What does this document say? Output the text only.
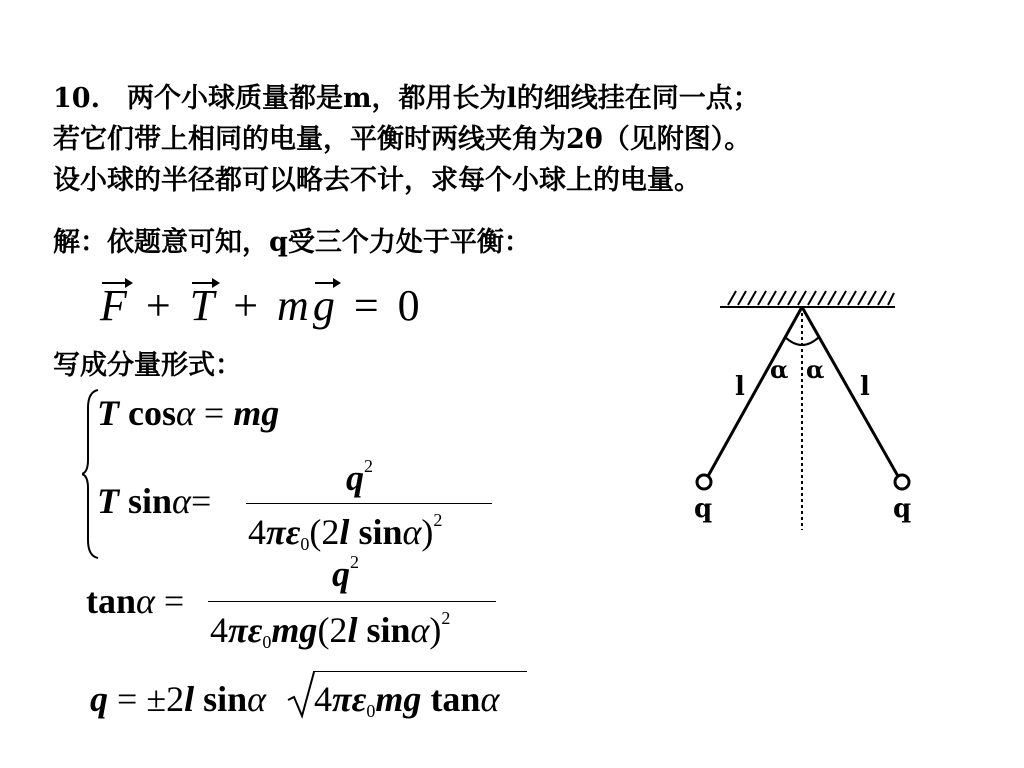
10.　两个小球质量都是m，都用长为l的细线挂在同一点；
若它们带上相同的电量，平衡时两线夹角为2θ（见附图）。
设小球的半径都可以略去不计，求每个小球上的电量。
解：依题意可知，q受三个力处于平衡：
F + T + mg = 0
写成分量形式：
T cosα = mg
T sinα=
$q^2$
$4\pi\varepsilon_0(2l$ sinα)$^2$
tanα =
$q^2$
$4\pi\varepsilon_0mg(2l$ sinα)$^2$
q = ±2l sinα $4\pi\varepsilon_0mg$ tanα
α α
l	l
q	q
